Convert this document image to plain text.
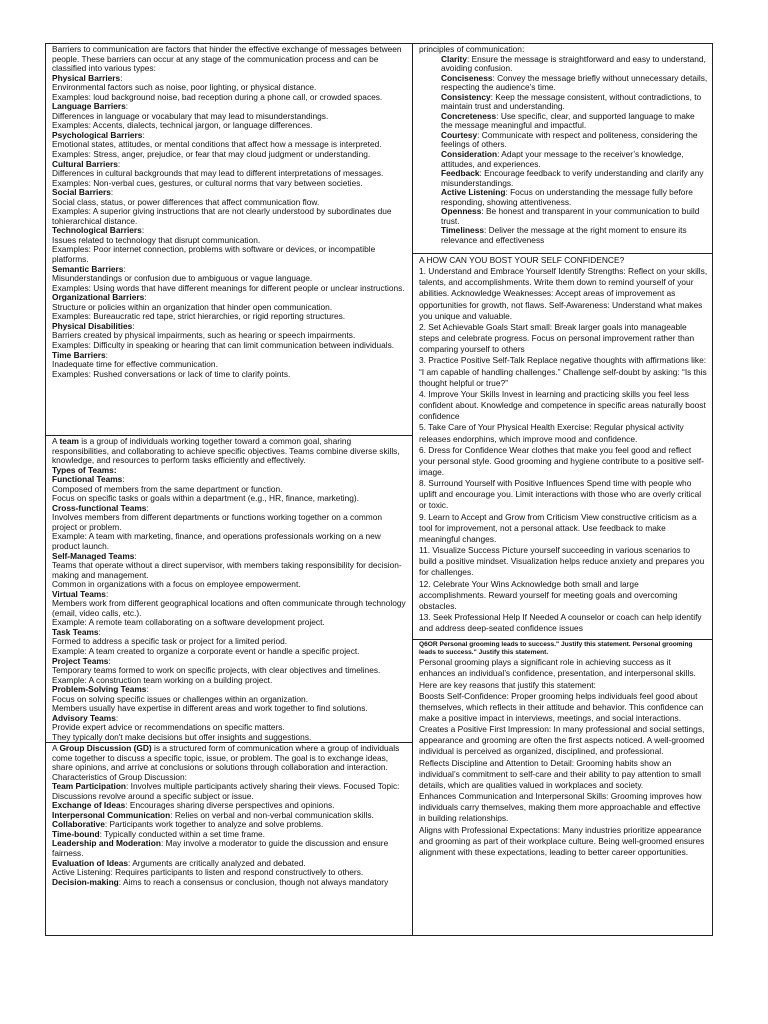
Barriers to communication are factors that hinder the effective exchange of messages between people. These barriers can occur at any stage of the communication process and can be classified into various types:

Physical Barriers:

Environmental factors such as noise, poor lighting, or physical distance.

Examples: loud background noise, bad reception during a phone call, or crowded spaces.

Language Barriers:

Differences in language or vocabulary that may lead to misunderstandings.

Examples: Accents, dialects, technical jargon, or language differences.

Psychological Barriers:

Emotional states, attitudes, or mental conditions that affect how a message is interpreted.

Examples: Stress, anger, prejudice, or fear that may cloud judgment or understanding.

Cultural Barriers:

Differences in cultural backgrounds that may lead to different interpretations of messages.

Examples: Non-verbal cues, gestures, or cultural norms that vary between societies.

Social Barriers:

Social class, status, or power differences that affect communication flow.

Examples: A superior giving instructions that are not clearly understood by subordinates due tohierarchical distance.

Technological Barriers:

Issues related to technology that disrupt communication.

Examples: Poor internet connection, problems with software or devices, or incompatible platforms.

Semantic Barriers:

Misunderstandings or confusion due to ambiguous or vague language.

Examples: Using words that have different meanings for different people or unclear instructions.

Organizational Barriers:

Structure or policies within an organization that hinder open communication.

Examples: Bureaucratic red tape, strict hierarchies, or rigid reporting structures.

Physical Disabilities:

Barriers created by physical impairments, such as hearing or speech impairments.

Examples: Difficulty in speaking or hearing that can limit communication between individuals.

Time Barriers:

Inadequate time for effective communication.

Examples: Rushed conversations or lack of time to clarify points.

A team is a group of individuals working together toward a common goal, sharing responsibilities, and collaborating to achieve specific objectives. Teams combine diverse skills, knowledge, and resources to perform tasks efficiently and effectively.

Types of Teams:

Functional Teams:

Composed of members from the same department or function.

Focus on specific tasks or goals within a department (e.g., HR, finance, marketing).

Cross-functional Teams:

Involves members from different departments or functions working together on a common project or problem.

Example: A team with marketing, finance, and operations professionals working on a new product launch.

Self-Managed Teams:

Teams that operate without a direct supervisor, with members taking responsibility for decision-making and management.

Common in organizations with a focus on employee empowerment.

Virtual Teams:

Members work from different geographical locations and often communicate through technology (email, video calls, etc.).

Example: A remote team collaborating on a software development project.

Task Teams:

Formed to address a specific task or project for a limited period.

Example: A team created to organize a corporate event or handle a specific project.

Project Teams:

Temporary teams formed to work on specific projects, with clear objectives and timelines.

Example: A construction team working on a building project.

Problem-Solving Teams:

Focus on solving specific issues or challenges within an organization.

Members usually have expertise in different areas and work together to find solutions.

Advisory Teams:

Provide expert advice or recommendations on specific matters.

They typically don't make decisions but offer insights and suggestions.

A Group Discussion (GD) is a structured form of communication where a group of individuals come together to discuss a specific topic, issue, or problem. The goal is to exchange ideas, share opinions, and arrive at conclusions or solutions through collaboration and interaction.

Characteristics of Group Discussion:

Team Participation: Involves multiple participants actively sharing their views. Focused Topic: Discussions revolve around a specific subject or issue.

Exchange of Ideas: Encourages sharing diverse perspectives and opinions.

Interpersonal Communication: Relies on verbal and non-verbal communication skills.

Collaborative: Participants work together to analyze and solve problems.

Time-bound: Typically conducted within a set time frame.

Leadership and Moderation: May involve a moderator to guide the discussion and ensure fairness.

Evaluation of Ideas: Arguments are critically analyzed and debated.

Active Listening: Requires participants to listen and respond constructively to others.

Decision-making: Aims to reach a consensus or conclusion, though not always mandatory

principles of communication:

Clarity: Ensure the message is straightforward and easy to understand, avoiding confusion.

Conciseness: Convey the message briefly without unnecessary details, respecting the audience’s time.

Consistency: Keep the message consistent, without contradictions, to maintain trust and understanding.

Concreteness: Use specific, clear, and supported language to make the message meaningful and impactful.

Courtesy: Communicate with respect and politeness, considering the feelings of others.

Consideration: Adapt your message to the receiver’s knowledge, attitudes, and experiences.

Feedback: Encourage feedback to verify understanding and clarify any misunderstandings.

Active Listening: Focus on understanding the message fully before responding, showing attentiveness.

Openness: Be honest and transparent in your communication to build trust.

Timeliness: Deliver the message at the right moment to ensure its relevance and effectiveness

A HOW CAN YOU BOST YOUR SELF CONFIDENCE?

1. Understand and Embrace Yourself Identify Strengths: Reflect on your skills, talents, and accomplishments. Write them down to remind yourself of your abilities. Acknowledge Weaknesses: Accept areas of improvement as opportunities for growth, not flaws. Self-Awareness: Understand what makes you unique and valuable.

2. Set Achievable Goals Start small: Break larger goals into manageable steps and celebrate progress. Focus on personal improvement rather than comparing yourself to others

3. Practice Positive Self-Talk Replace negative thoughts with affirmations like: “I am capable of handling challenges.” Challenge self-doubt by asking: “Is this thought helpful or true?”

4. Improve Your Skills Invest in learning and practicing skills you feel less confident about. Knowledge and competence in specific areas naturally boost confidence

5. Take Care of Your Physical Health Exercise: Regular physical activity releases endorphins, which improve mood and confidence.

6. Dress for Confidence Wear clothes that make you feel good and reflect your personal style. Good grooming and hygiene contribute to a positive self-image.

8. Surround Yourself with Positive Influences Spend time with people who uplift and encourage you. Limit interactions with those who are overly critical or toxic.

9. Learn to Accept and Grow from Criticism View constructive criticism as a tool for improvement, not a personal attack. Use feedback to make meaningful changes.

11. Visualize Success Picture yourself succeeding in various scenarios to build a positive mindset. Visualization helps reduce anxiety and prepares you for challenges.

12. Celebrate Your Wins Acknowledge both small and large accomplishments. Reward yourself for meeting goals and overcoming obstacles.

13. Seek Professional Help If Needed A counselor or coach can help identify and address deep-seated confidence issues

Q6OR Personal grooming leads to success." Justify this statement. Personal grooming leads to success." Justify this statement.

Personal grooming plays a significant role in achieving success as it enhances an individual’s confidence, presentation, and interpersonal skills. Here are key reasons that justify this statement:

Boosts Self-Confidence: Proper grooming helps individuals feel good about themselves, which reflects in their attitude and behavior. This confidence can make a positive impact in interviews, meetings, and social interactions.

Creates a Positive First Impression: In many professional and social settings, appearance and grooming are often the first aspects noticed. A well-groomed individual is perceived as organized, disciplined, and professional.

Reflects Discipline and Attention to Detail: Grooming habits show an individual’s commitment to self-care and their ability to pay attention to small details, which are qualities valued in workplaces and society.

Enhances Communication and Interpersonal Skills: Grooming improves how individuals carry themselves, making them more approachable and effective in building relationships.

Aligns with Professional Expectations: Many industries prioritize appearance and grooming as part of their workplace culture. Being well-groomed ensures alignment with these expectations, leading to better career opportunities.
